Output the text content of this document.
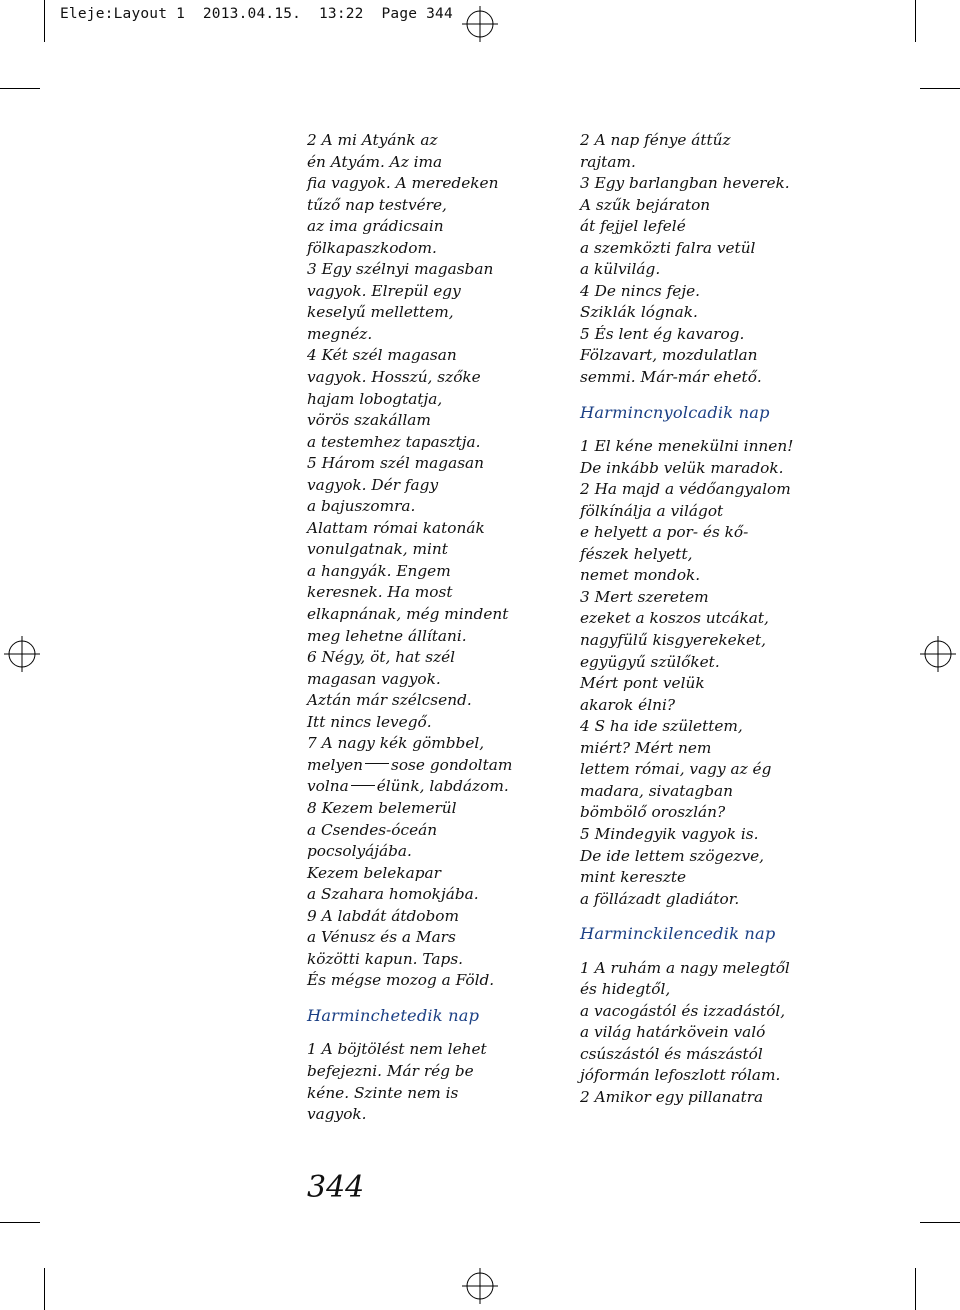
Eleje:Layout 1  2013.04.15.  13:22  Page 344
2 A mi Atyánk az
én Atyám. Az ima
fia vagyok. A meredeken
tűző nap testvére,
az ima grádicsain
fölkapaszkodom.
3 Egy szélnyi magasban
vagyok. Elrepül egy
keselyű mellettem,
megnéz.
4 Két szél magasan
vagyok. Hosszú, szőke
hajam lobogtatja,
vörös szakállam
a testemhez tapasztja.
5 Három szél magasan
vagyok. Dér fagy
a bajuszomra.
Alattam római katonák
vonulgatnak, mint
a hangyák. Engem
keresnek. Ha most
elkapnának, még mindent
meg lehetne állítani.
6 Négy, öt, hat szél
magasan vagyok.
Aztán már szélcsend.
Itt nincs levegő.
7 A nagy kék gömbbel,
melyen sose gondoltam
volna élünk, labdázom.
8 Kezem belemerül
a Csendes-óceán
pocsolyájába.
Kezem belekapar
a Szahara homokjába.
9 A labdát átdobom
a Vénusz és a Mars
közötti kapun. Taps.
És mégse mozog a Föld.
Harminchetedik nap
1 A böjtölést nem lehet
befejezni. Már rég be
kéne. Szinte nem is
vagyok.
2 A nap fénye áttűz
rajtam.
3 Egy barlangban heverek.
A szűk bejáraton
át fejjel lefelé
a szemközti falra vetül
a külvilág.
4 De nincs feje.
Sziklák lógnak.
5 És lent ég kavarog.
Fölzavart, mozdulatlan
semmi. Már-már ehető.
Harmincnyolcadik nap
1 El kéne menekülni innen!
De inkább velük maradok.
2 Ha majd a védőangyalom
fölkínálja a világot
e helyett a por- és kő-
fészek helyett,
nemet mondok.
3 Mert szeretem
ezeket a koszos utcákat,
nagyfülű kisgyerekeket,
együgyű szülőket.
Mért pont velük
akarok élni?
4 S ha ide születtem,
miért? Mért nem
lettem római, vagy az ég
madara, sivatagban
bömbölő oroszlán?
5 Mindegyik vagyok is.
De ide lettem szögezve,
mint kereszte
a föllázadt gladiátor.
Harminckilencedik nap
1 A ruhám a nagy melegtől
és hidegtől,
a vacogástól és izzadástól,
a világ határkövein való
csúszástól és mászástól
jóformán lefoszlott rólam.
2 Amikor egy pillanatra
344
